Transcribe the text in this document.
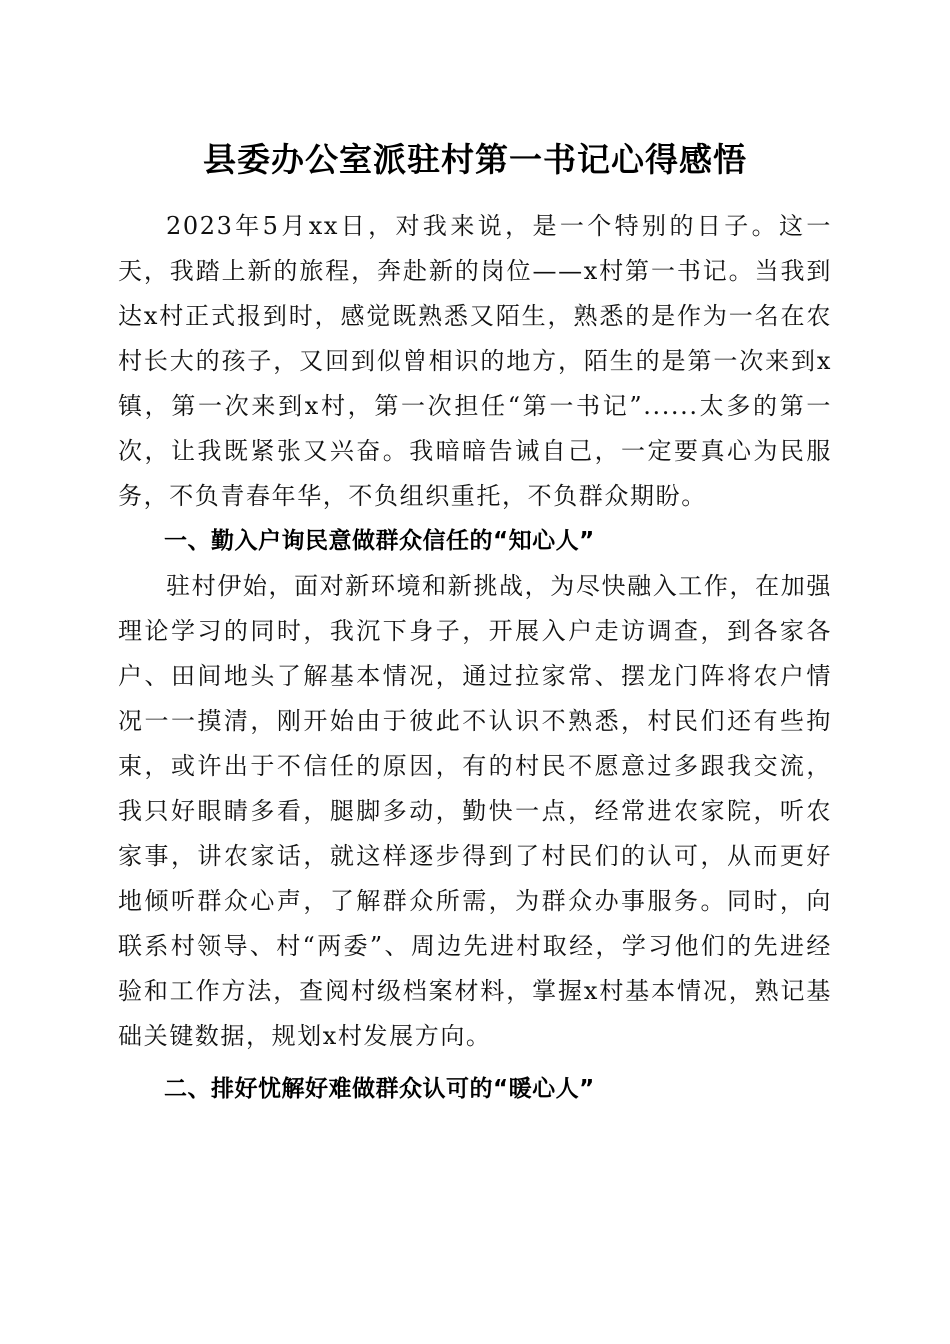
县委办公室派驻村第一书记心得感悟

2023年5月xx日，对我来说，是一个特别的日子。这一天，我踏上新的旅程，奔赴新的岗位——x村第一书记。当我到达x村正式报到时，感觉既熟悉又陌生，熟悉的是作为一名在农村长大的孩子，又回到似曾相识的地方，陌生的是第一次来到x镇，第一次来到x村，第一次担任“第一书记”......太多的第一次，让我既紧张又兴奋。我暗暗告诫自己，一定要真心为民服务，不负青春年华，不负组织重托，不负群众期盼。

一、勤入户询民意做群众信任的“知心人”

驻村伊始，面对新环境和新挑战，为尽快融入工作，在加强理论学习的同时，我沉下身子，开展入户走访调查，到各家各户、田间地头了解基本情况，通过拉家常、摆龙门阵将农户情况一一摸清，刚开始由于彼此不认识不熟悉，村民们还有些拘束，或许出于不信任的原因，有的村民不愿意过多跟我交流，我只好眼睛多看，腿脚多动，勤快一点，经常进农家院，听农家事，讲农家话，就这样逐步得到了村民们的认可，从而更好地倾听群众心声，了解群众所需，为群众办事服务。同时，向联系村领导、村“两委”、周边先进村取经，学习他们的先进经验和工作方法，查阅村级档案材料，掌握x村基本情况，熟记基础关键数据，规划x村发展方向。

二、排好忧解好难做群众认可的“暖心人”
